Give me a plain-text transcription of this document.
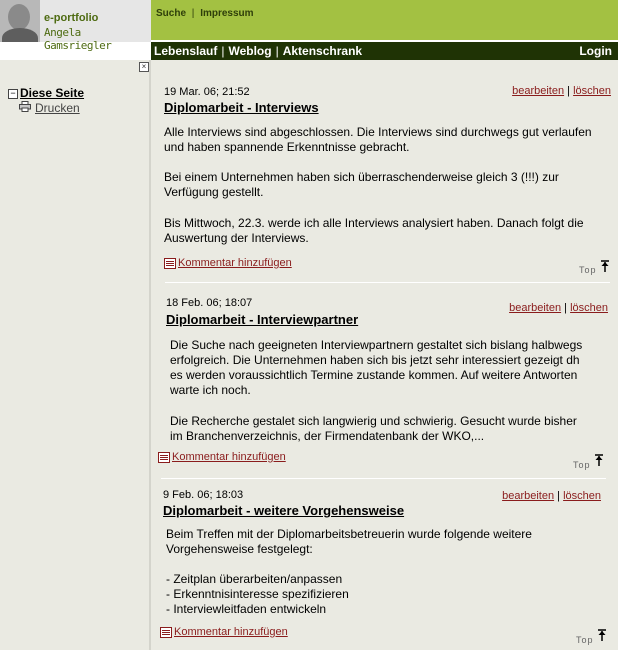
e-portfolio
Angela Gamsriegler
Suche | Impressum
Lebenslauf | Weblog | Aktenschrank	Login
×
− Diese Seite
Drucken
19 Mar. 06; 21:52	bearbeiten | löschen
Diplomarbeit - Interviews
Alle Interviews sind abgeschlossen. Die Interviews sind durchwegs gut verlaufen
und haben spannende Erkenntnisse gebracht.
Bei einem Unternehmen haben sich überraschenderweise gleich 3 (!!!) zur
Verfügung gestellt.
Bis Mittwoch, 22.3. werde ich alle Interviews analysiert haben. Danach folgt die
Auswertung der Interviews.
Kommentar hinzufügen
Top
18 Feb. 06; 18:07	bearbeiten | löschen
Diplomarbeit - Interviewpartner
Die Suche nach geeigneten Interviewpartnern gestaltet sich bislang halbwegs
erfolgreich. Die Unternehmen haben sich bis jetzt sehr interessiert gezeigt dh
es werden voraussichtlich Termine zustande kommen. Auf weitere Antworten
warte ich noch.
Die Recherche gestalet sich langwierig und schwierig. Gesucht wurde bisher
im Branchenverzeichnis, der Firmendatenbank der WKO,...
Kommentar hinzufügen
Top
9 Feb. 06; 18:03	bearbeiten | löschen
Diplomarbeit - weitere Vorgehensweise
Beim Treffen mit der Diplomarbeitsbetreuerin wurde folgende weitere
Vorgehensweise festgelegt:
- Zeitplan überarbeiten/anpassen
- Erkenntnisinteresse spezifizieren
- Interviewleitfaden entwickeln
Kommentar hinzufügen
Top
